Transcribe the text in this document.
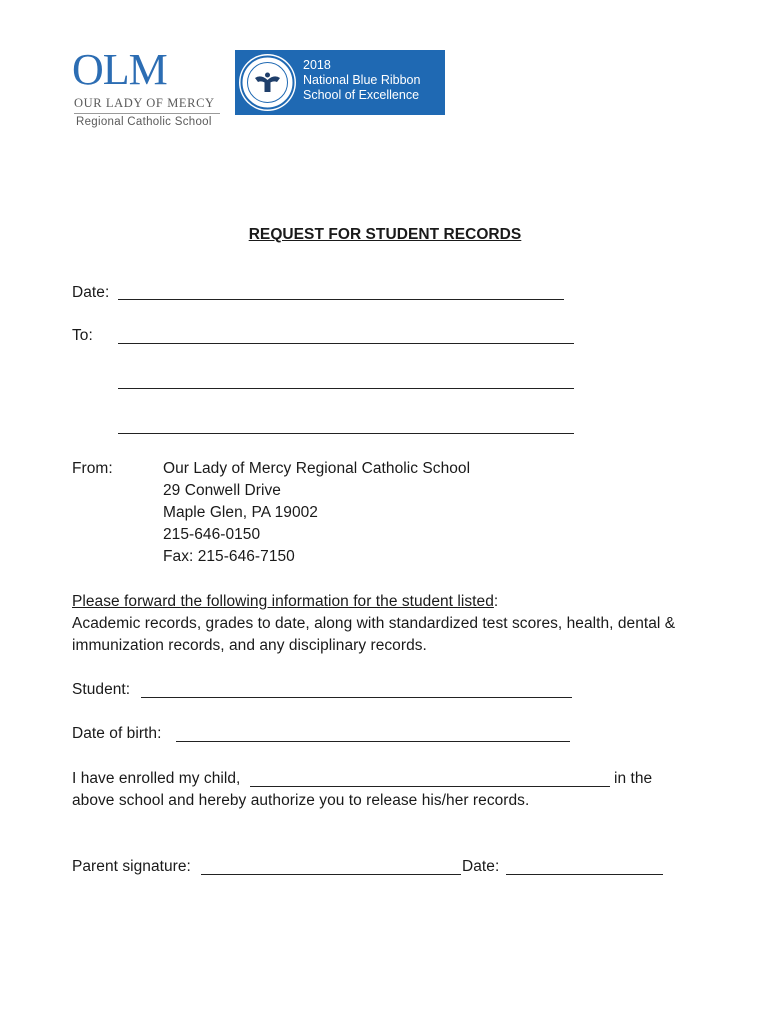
OLM
OUR LADY OF MERCY
Regional Catholic School
2018
National Blue Ribbon
School of Excellence
REQUEST FOR STUDENT RECORDS
Date:
To:
From:	Our Lady of Mercy Regional Catholic School
29 Conwell Drive
Maple Glen, PA 19002
215-646-0150
Fax: 215-646-7150
Please forward the following information for the student listed:
Academic records, grades to date, along with standardized test scores, health, dental &
immunization records, and any disciplinary records.
Student:
Date of birth:
I have enrolled my child,	in the
above school and hereby authorize you to release his/her records.
Parent signature:	Date:
